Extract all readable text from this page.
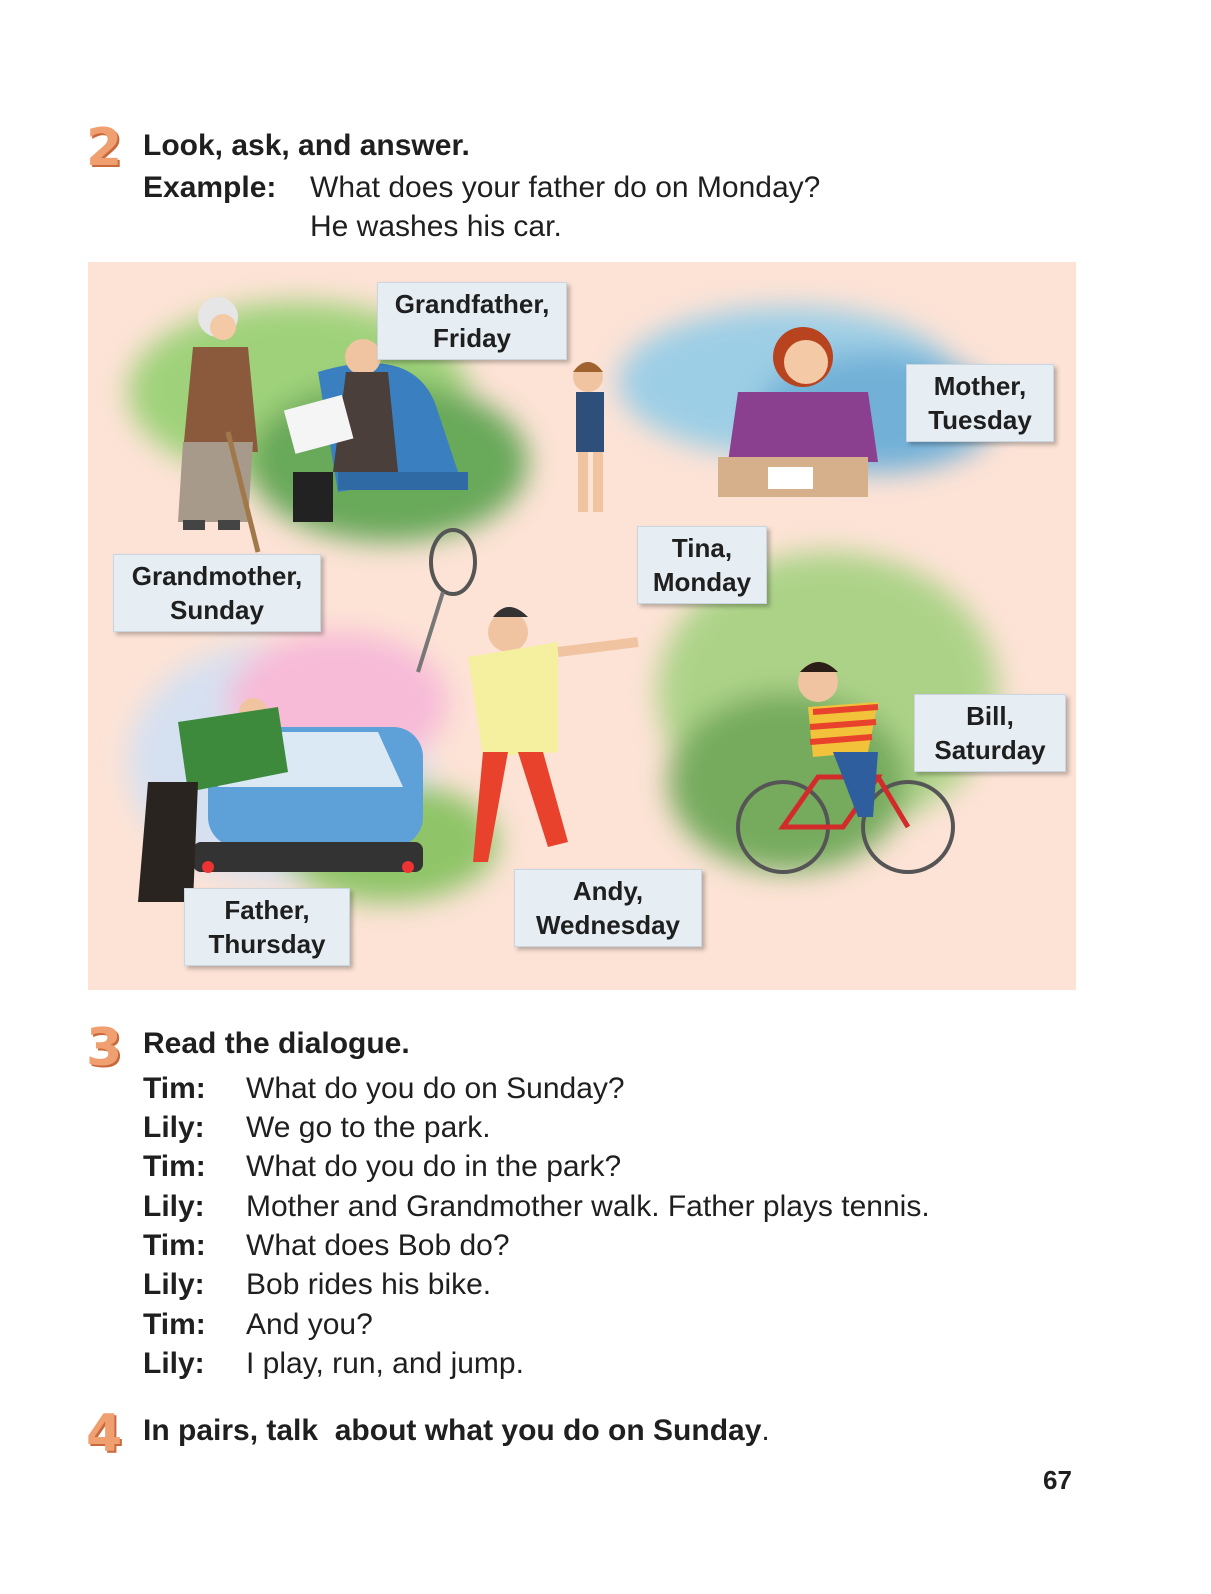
2 Look, ask, and answer.
Example: What does your father do on Monday?
He washes his car.
Grandfather,
Friday
Mother,
Tuesday
Tina,
Monday
Grandmother,
Sunday
Bill,
Saturday
Andy,
Wednesday
Father,
Thursday
3 Read the dialogue.
Tim: What do you do on Sunday?
Lily: We go to the park.
Tim: What do you do in the park?
Lily: Mother and Grandmother walk. Father plays tennis.
Tim: What does Bob do?
Lily: Bob rides his bike.
Tim: And you?
Lily: I play, run, and jump.
4 In pairs, talk  about what you do on Sunday.
67
